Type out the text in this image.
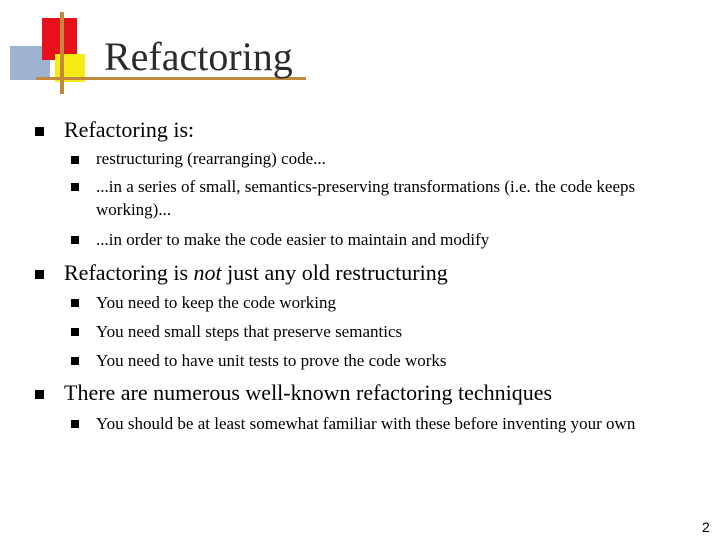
Refactoring
Refactoring is:
restructuring (rearranging) code...
...in a series of small, semantics-preserving transformations (i.e. the code keeps working)...
...in order to make the code easier to maintain and modify
Refactoring is not just any old restructuring
You need to keep the code working
You need small steps that preserve semantics
You need to have unit tests to prove the code works
There are numerous well-known refactoring techniques
You should be at least somewhat familiar with these before inventing your own
2
